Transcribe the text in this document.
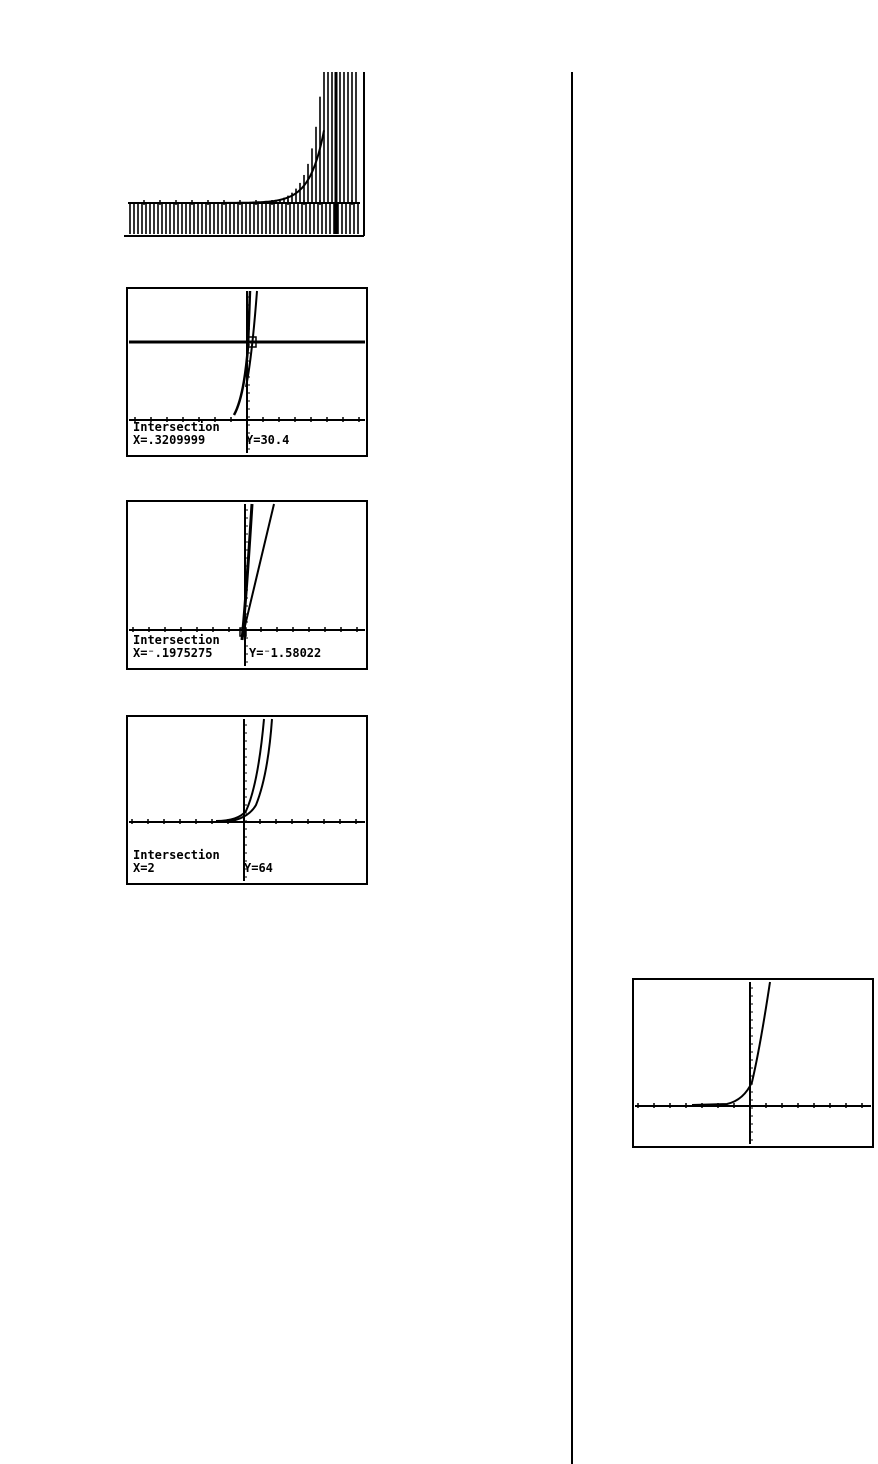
Intersection
X=.3209999	Y=30.4
Intersection
X=⁻.1975275	Y=⁻1.58022
Intersection
X=2	Y=64
